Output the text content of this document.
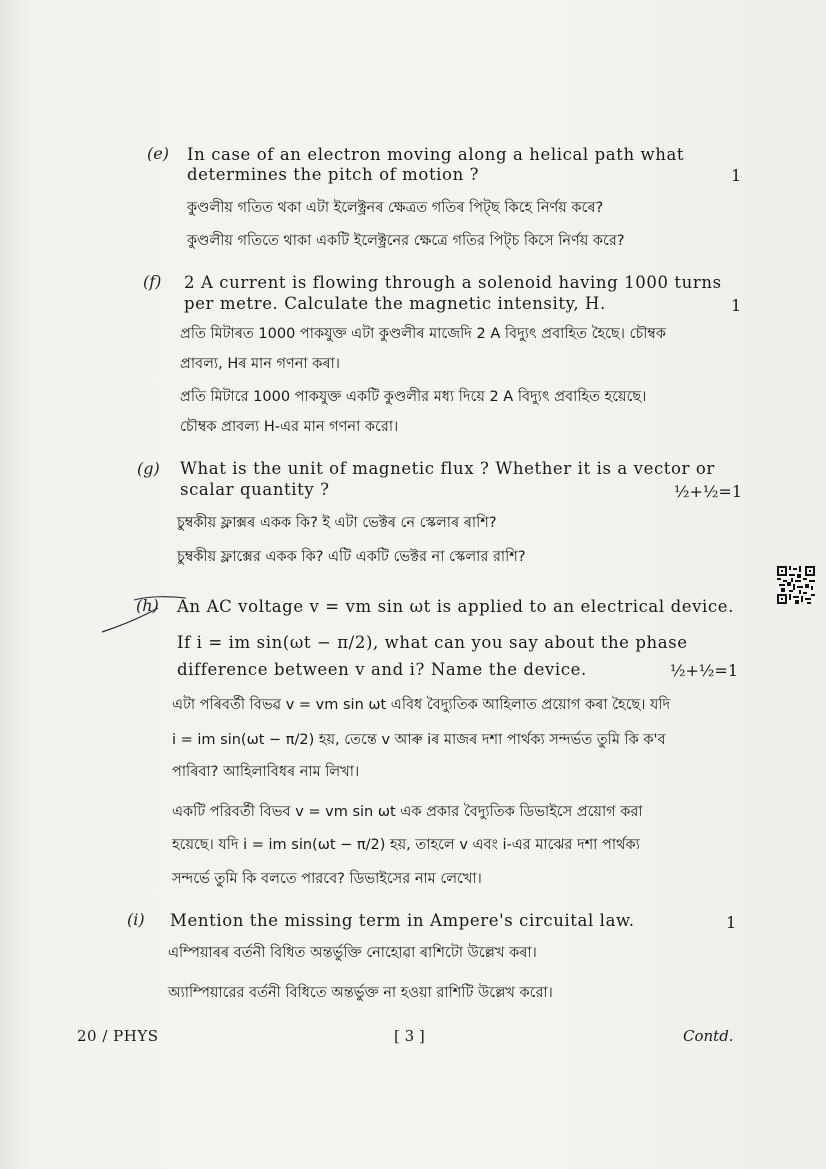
(e) In case of an electron moving along a helical path what
determines the pitch of motion ?	1
কুণ্ডলীয় গতিত থকা এটা ইলেক্ট্ৰনৰ ক্ষেত্ৰত গতিৰ পিট্‌ছ কিহে নিৰ্ণয় কৰে?
কুণ্ডলীয় গতিতে থাকা একটি ইলেক্ট্রনের ক্ষেত্রে গতির পিট্‌চ কিসে নির্ণয় করে?
(f) 2 A current is flowing through a solenoid having 1000 turns
per metre. Calculate the magnetic intensity, H.	1
প্ৰতি মিটাৰত 1000 পাকযুক্ত এটা কুণ্ডলীৰ মাজেদি 2 A বিদ্যুৎ প্ৰবাহিত হৈছে। চৌম্বক
প্ৰাবল্য, Hৰ মান গণনা কৰা।
প্রতি মিটারে 1000 পাকযুক্ত একটি কুণ্ডলীর মধ্য দিয়ে 2 A বিদ্যুৎ প্রবাহিত হয়েছে।
চৌম্বক প্রাবল্য H-এর মান গণনা করো।
(g) What is the unit of magnetic flux ? Whether it is a vector or
scalar quantity ?	½+½=1
চুম্বকীয় ফ্লাক্সৰ একক কি? ই এটা ভেক্টৰ নে স্কেলাৰ ৰাশি?
চুম্বকীয় ফ্লাক্সের একক কি? এটি একটি ভেক্টর না স্কেলার রাশি?
(h) An AC voltage v = vm sin ωt is applied to an electrical device.
If i = im sin(ωt − π/2), what can you say about the phase
difference between v and i? Name the device.	½+½=1
এটা পৰিবৰ্তী বিভৱ v = vm sin ωt এবিধ বৈদ্যুতিক আহিলাত প্ৰয়োগ কৰা হৈছে। যদি
i = im sin(ωt − π/2) হয়, তেন্তে v আৰু iৰ মাজৰ দশা পাৰ্থক্য সন্দৰ্ভত তুমি কি ক'ব
পাৰিবা? আহিলাবিধৰ নাম লিখা।
একটি পরিবর্তী বিভব v = vm sin ωt এক প্রকার বৈদ্যুতিক ডিভাইসে প্রয়োগ করা
হয়েছে। যদি i = im sin(ωt − π/2) হয়, তাহলে v এবং i-এর মাঝের দশা পার্থক্য
সন্দর্ভে তুমি কি বলতে পারবে? ডিভাইসের নাম লেখো।
(i) Mention the missing term in Ampere's circuital law.	1
এম্পিয়াৰৰ বৰ্তনী বিধিত অন্তৰ্ভুক্তি নোহোৱা ৰাশিটো উল্লেখ কৰা।
অ্যাম্পিয়ারের বর্তনী বিধিতে অন্তর্ভুক্ত না হওয়া রাশিটি উল্লেখ করো।
20 / PHYS	[ 3 ]	Contd.
